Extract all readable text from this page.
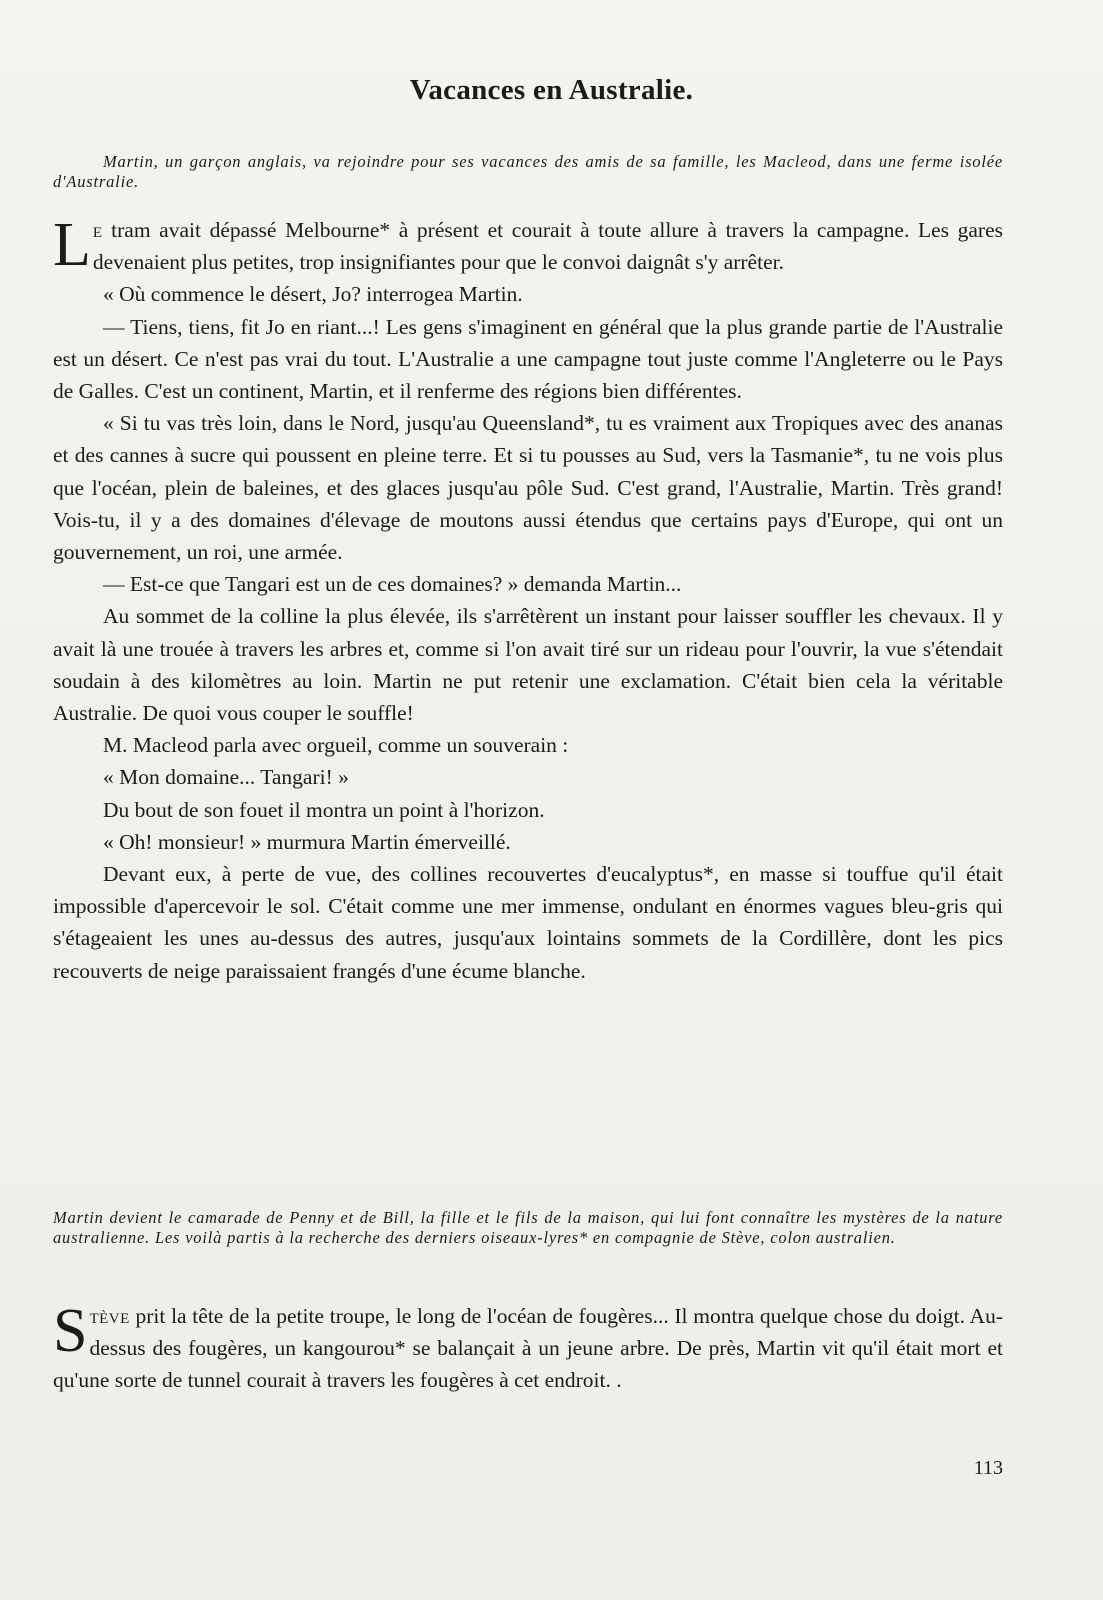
Vacances en Australie.

Martin, un garçon anglais, va rejoindre pour ses vacances des amis de sa famille, les Macleod, dans une ferme isolée d'Australie.

Le tram avait dépassé Melbourne* à présent et courait à toute allure à travers la campagne. Les gares devenaient plus petites, trop insignifiantes pour que le convoi daignât s'y arrêter.

« Où commence le désert, Jo? interrogea Martin.

— Tiens, tiens, fit Jo en riant...! Les gens s'imaginent en général que la plus grande partie de l'Australie est un désert. Ce n'est pas vrai du tout. L'Australie a une campagne tout juste comme l'Angleterre ou le Pays de Galles. C'est un continent, Martin, et il renferme des régions bien différentes.

« Si tu vas très loin, dans le Nord, jusqu'au Queensland*, tu es vraiment aux Tropiques avec des ananas et des cannes à sucre qui poussent en pleine terre. Et si tu pousses au Sud, vers la Tasmanie*, tu ne vois plus que l'océan, plein de baleines, et des glaces jusqu'au pôle Sud. C'est grand, l'Australie, Martin. Très grand! Vois-tu, il y a des domaines d'élevage de moutons aussi étendus que certains pays d'Europe, qui ont un gouvernement, un roi, une armée.

— Est-ce que Tangari est un de ces domaines? » demanda Martin...

Au sommet de la colline la plus élevée, ils s'arrêtèrent un instant pour laisser souffler les chevaux. Il y avait là une trouée à travers les arbres et, comme si l'on avait tiré sur un rideau pour l'ouvrir, la vue s'étendait soudain à des kilomètres au loin. Martin ne put retenir une exclamation. C'était bien cela la véritable Australie. De quoi vous couper le souffle!

M. Macleod parla avec orgueil, comme un souverain :

« Mon domaine... Tangari! »

Du bout de son fouet il montra un point à l'horizon.

« Oh! monsieur! » murmura Martin émerveillé.

Devant eux, à perte de vue, des collines recouvertes d'eucalyptus*, en masse si touffue qu'il était impossible d'apercevoir le sol. C'était comme une mer immense, ondulant en énormes vagues bleu-gris qui s'étageaient les unes au-dessus des autres, jusqu'aux lointains sommets de la Cordillère, dont les pics recouverts de neige paraissaient frangés d'une écume blanche.

Martin devient le camarade de Penny et de Bill, la fille et le fils de la maison, qui lui font connaître les mystères de la nature australienne. Les voilà partis à la recherche des derniers oiseaux-lyres* en compagnie de Stève, colon australien.

Stève prit la tête de la petite troupe, le long de l'océan de fougères... Il montra quelque chose du doigt. Au-dessus des fougères, un kangourou* se balançait à un jeune arbre. De près, Martin vit qu'il était mort et qu'une sorte de tunnel courait à travers les fougères à cet endroit. .

113
